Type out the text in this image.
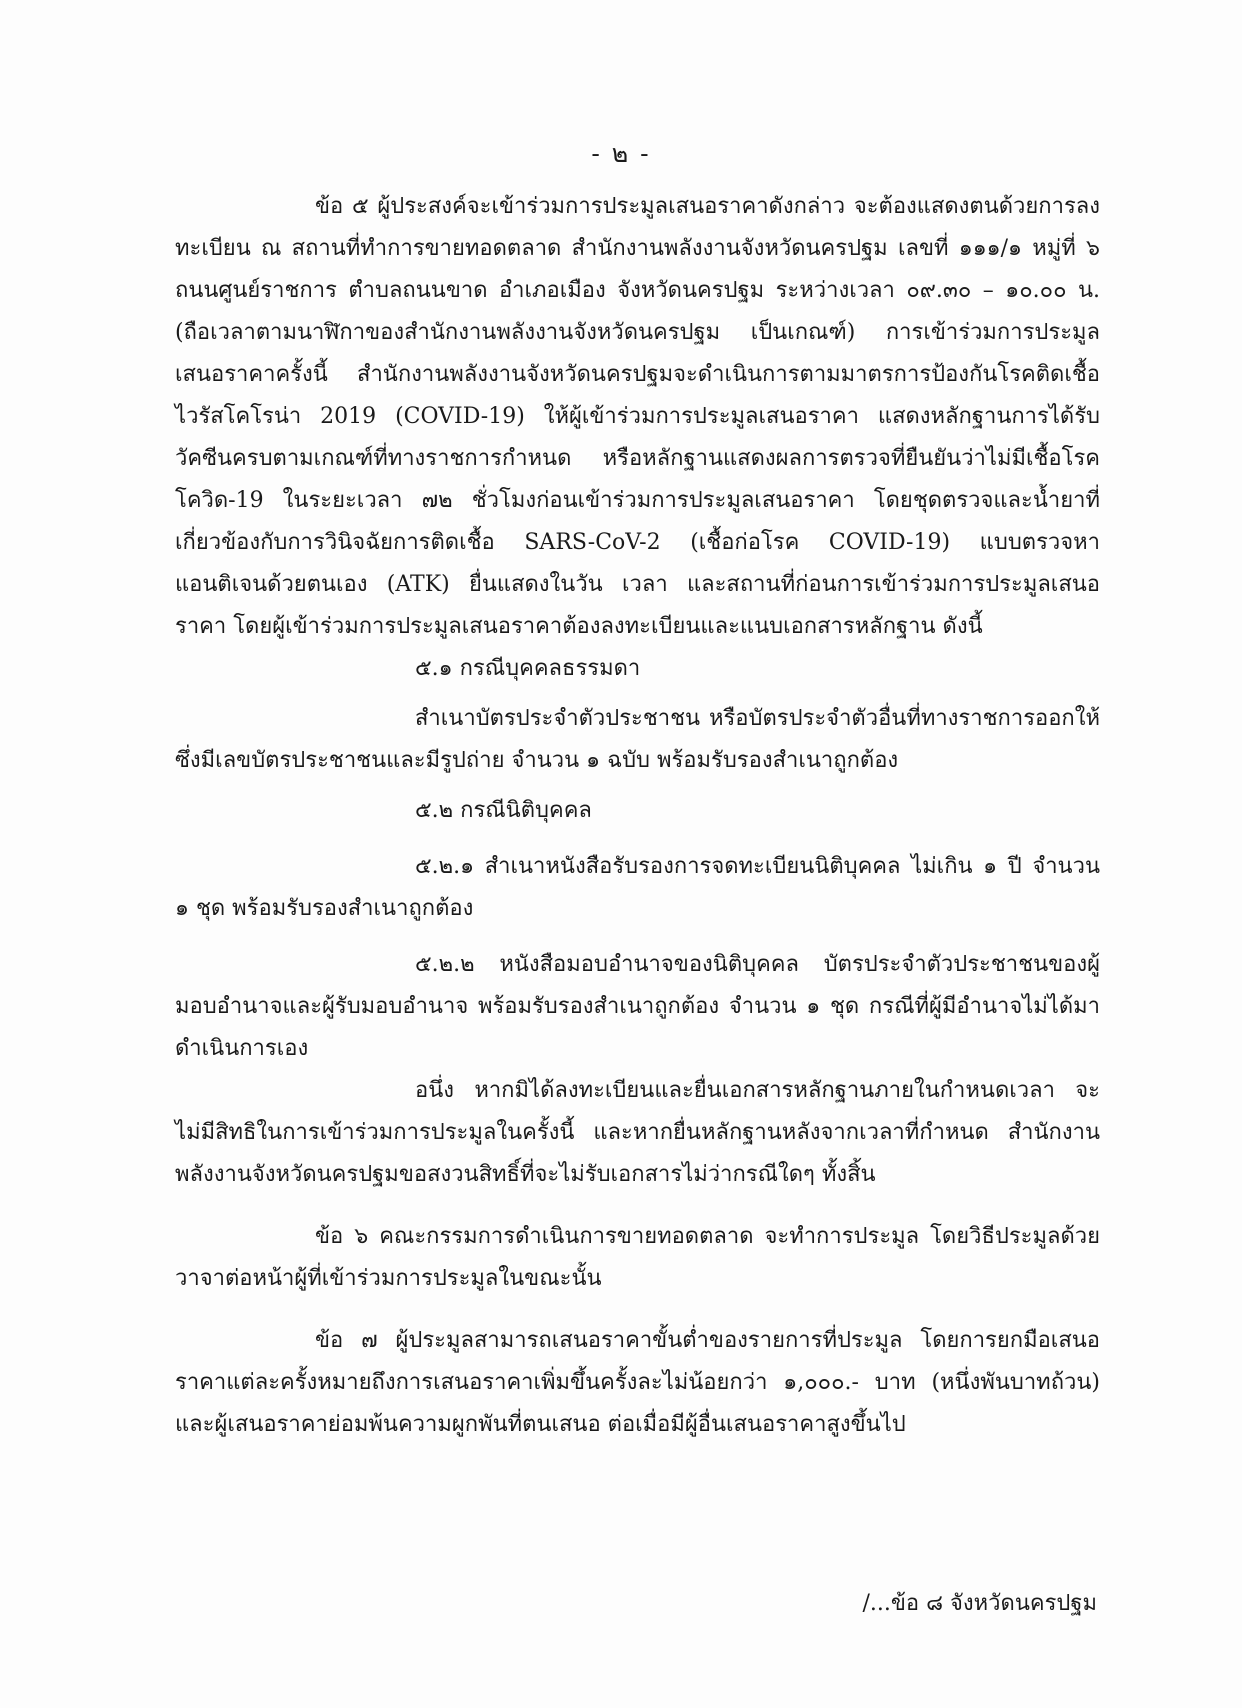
- ๒ -

ข้อ ๕ ผู้ประสงค์จะเข้าร่วมการประมูลเสนอราคาดังกล่าว จะต้องแสดงตนด้วยการลงทะเบียน ณ สถานที่ทำการขายทอดตลาด สำนักงานพลังงานจังหวัดนครปฐม เลขที่ ๑๑๑/๑ หมู่ที่ ๖ ถนนศูนย์ราชการ ตำบลถนนขาด อำเภอเมือง จังหวัดนครปฐม ระหว่างเวลา ๐๙.๓๐ – ๑๐.๐๐ น. (ถือเวลาตามนาฬิกาของสำนักงานพลังงานจังหวัดนครปฐม เป็นเกณฑ์) การเข้าร่วมการประมูลเสนอราคาครั้งนี้ สำนักงานพลังงานจังหวัดนครปฐมจะดำเนินการตามมาตรการป้องกันโรคติดเชื้อไวรัสโคโรน่า 2019 (COVID-19) ให้ผู้เข้าร่วมการประมูลเสนอราคา แสดงหลักฐานการได้รับวัคซีนครบตามเกณฑ์ที่ทางราชการกำหนด หรือหลักฐานแสดงผลการตรวจที่ยืนยันว่าไม่มีเชื้อโรคโควิด-19 ในระยะเวลา ๗๒ ชั่วโมงก่อนเข้าร่วมการประมูลเสนอราคา โดยชุดตรวจและน้ำยาที่เกี่ยวข้องกับการวินิจฉัยการติดเชื้อ SARS-CoV-2 (เชื้อก่อโรค COVID-19) แบบตรวจหาแอนติเจนด้วยตนเอง (ATK) ยื่นแสดงในวัน เวลา และสถานที่ก่อนการเข้าร่วมการประมูลเสนอราคา โดยผู้เข้าร่วมการประมูลเสนอราคาต้องลงทะเบียนและแนบเอกสารหลักฐาน ดังนี้

๕.๑ กรณีบุคคลธรรมดา

สำเนาบัตรประจำตัวประชาชน หรือบัตรประจำตัวอื่นที่ทางราชการออกให้ ซึ่งมีเลขบัตรประชาชนและมีรูปถ่าย จำนวน ๑ ฉบับ พร้อมรับรองสำเนาถูกต้อง

๕.๒ กรณีนิติบุคคล

๕.๒.๑ สำเนาหนังสือรับรองการจดทะเบียนนิติบุคคล ไม่เกิน ๑ ปี จำนวน ๑ ชุด พร้อมรับรองสำเนาถูกต้อง

๕.๒.๒ หนังสือมอบอำนาจของนิติบุคคล บัตรประจำตัวประชาชนของผู้มอบอำนาจและผู้รับมอบอำนาจ พร้อมรับรองสำเนาถูกต้อง จำนวน ๑ ชุด กรณีที่ผู้มีอำนาจไม่ได้มาดำเนินการเอง

อนึ่ง หากมิได้ลงทะเบียนและยื่นเอกสารหลักฐานภายในกำหนดเวลา จะไม่มีสิทธิในการเข้าร่วมการประมูลในครั้งนี้ และหากยื่นหลักฐานหลังจากเวลาที่กำหนด สำนักงานพลังงานจังหวัดนครปฐมขอสงวนสิทธิ์ที่จะไม่รับเอกสารไม่ว่ากรณีใดๆ ทั้งสิ้น

ข้อ ๖ คณะกรรมการดำเนินการขายทอดตลาด จะทำการประมูล โดยวิธีประมูลด้วยวาจาต่อหน้าผู้ที่เข้าร่วมการประมูลในขณะนั้น

ข้อ ๗ ผู้ประมูลสามารถเสนอราคาขั้นต่ำของรายการที่ประมูล โดยการยกมือเสนอราคาแต่ละครั้งหมายถึงการเสนอราคาเพิ่มขึ้นครั้งละไม่น้อยกว่า ๑,๐๐๐.- บาท (หนึ่งพันบาทถ้วน) และผู้เสนอราคาย่อมพ้นความผูกพันที่ตนเสนอ ต่อเมื่อมีผู้อื่นเสนอราคาสูงขึ้นไป

/...ข้อ ๘ จังหวัดนครปฐม
